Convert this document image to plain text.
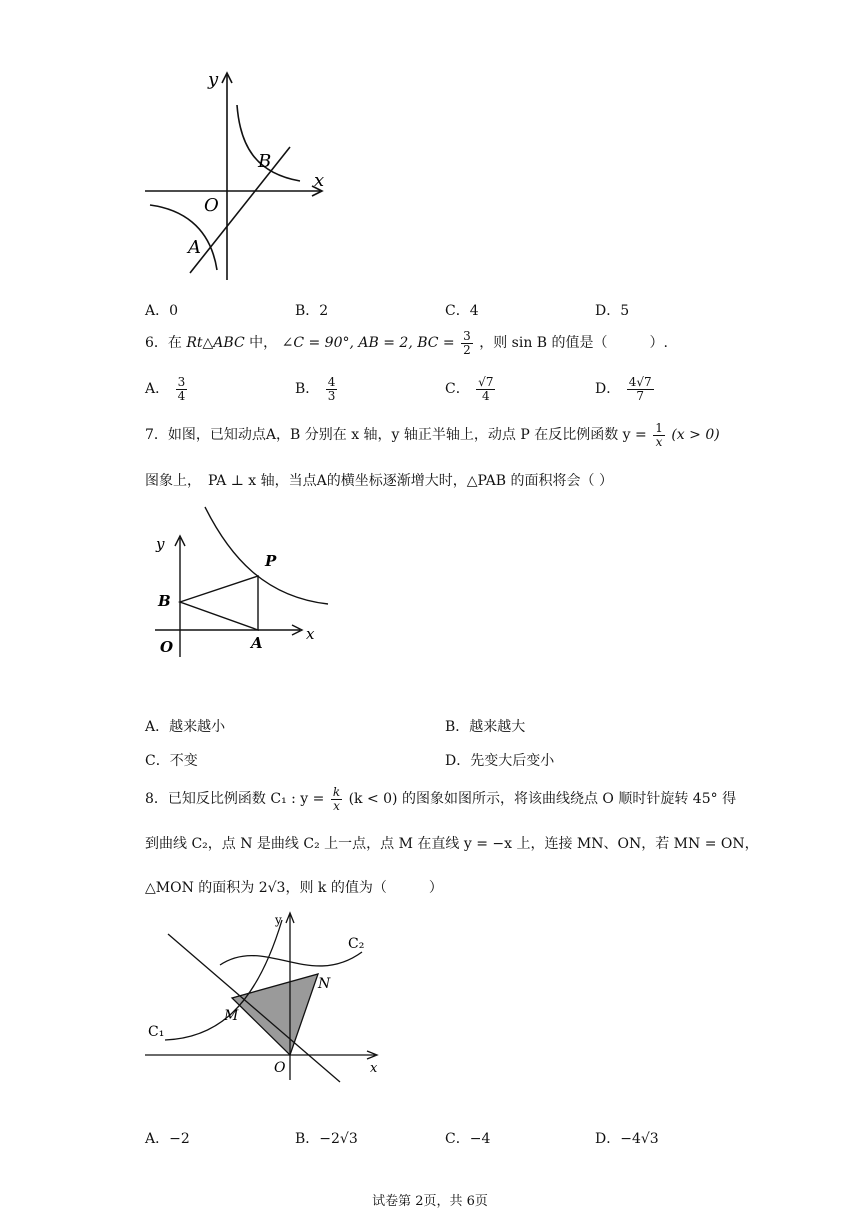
y
x
O
B
A
A．0	B．2	C．4	D．5
6．在 Rt△ABC 中， ∠C = 90°, AB = 2, BC = $\frac{3}{2}$ ，则 sin B 的值是（　　　）.
A． $\frac{3}{4}$	B． $\frac{4}{3}$	C． $\frac{√7}{4}$	D． $\frac{4√7}{7}$
7．如图，已知动点A，B 分别在 x 轴，y 轴正半轴上，动点 P 在反比例函数 $y = \frac{1}{x} (x > 0)$
图象上，　PA ⊥ x 轴，当点A的横坐标逐渐增大时，△PAB 的面积将会（ ）
y
x
O
B
A
P
A．越来越小	B．越来越大
C．不变	D．先变大后变小
8．已知反比例函数 C₁ : $y = \frac{k}{x} (k < 0)$ 的图象如图所示，将该曲线绕点 O 顺时针旋转 45° 得
到曲线 C₂，点 N 是曲线 C₂ 上一点，点 M 在直线 y = −x 上，连接 MN、ON，若 MN = ON，
△MON 的面积为 2√3，则 k 的值为（　　　）
C₂
C₁
y
x
O
M
N
A．−2	B．−2√3	C．−4	D．−4√3
试卷第 2页，共 6页
